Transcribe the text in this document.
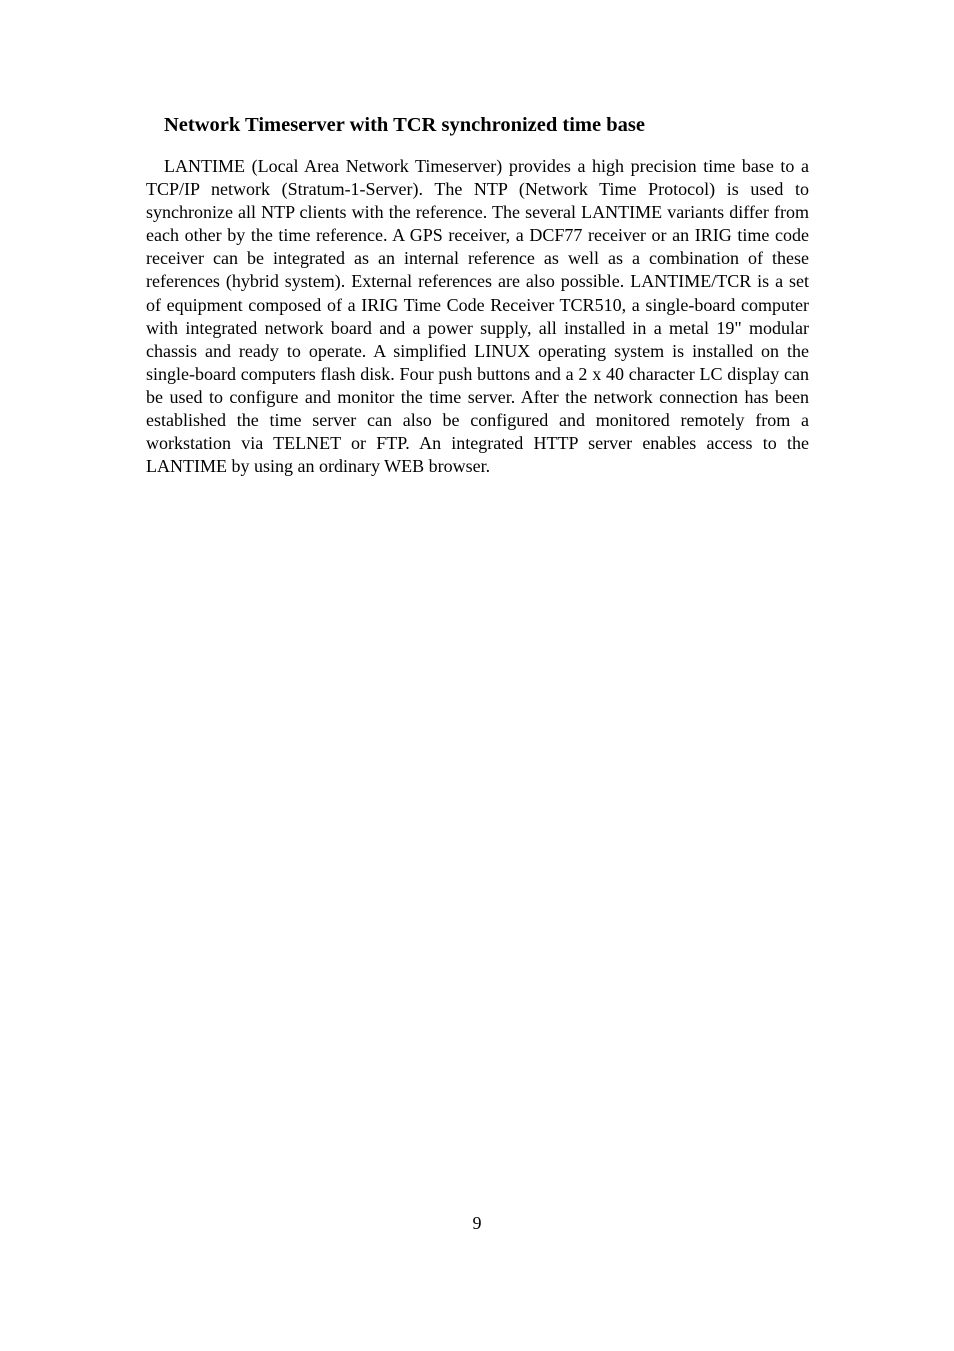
Network Timeserver with TCR synchronized time base

LANTIME (Local Area Network Timeserver) provides a high precision time base to a TCP/IP network (Stratum-1-Server). The NTP (Network Time Protocol) is used to synchronize all NTP clients with the reference. The several LANTIME variants differ from each other by the time reference. A GPS receiver, a DCF77 receiver or an IRIG time code receiver can be integrated as an internal reference as well as a combination of these references (hybrid system). External references are also possible. LANTIME/TCR is a set of equipment composed of a IRIG Time Code Receiver TCR510, a single-board computer with integrated network board and a power supply, all installed in a metal 19" modular chassis and ready to operate. A simplified LINUX operating system is installed on the single-board computers flash disk. Four push buttons and a 2 x 40 character LC display can be used to configure and monitor the time server. After the network connection has been established the time server can also be configured and monitored remotely from a workstation via TELNET or FTP. An integrated HTTP server enables access to the LANTIME by using an ordinary WEB browser.

9
